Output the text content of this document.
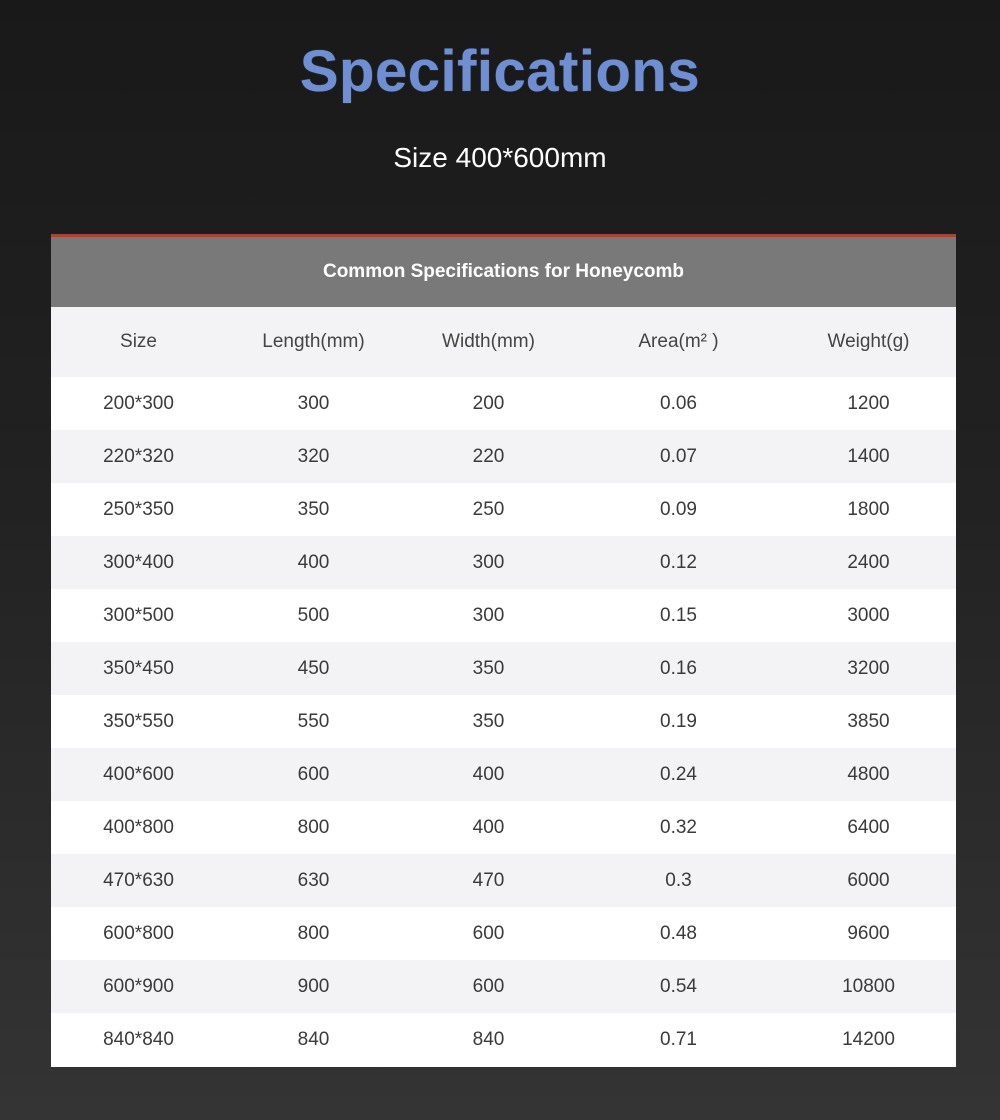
Specifications
Size 400*600mm
Common Specifications for Honeycomb
Size	Length(mm)	Width(mm)	Area(m² )	Weight(g)
200*300	300	200	0.06	1200
220*320	320	220	0.07	1400
250*350	350	250	0.09	1800
300*400	400	300	0.12	2400
300*500	500	300	0.15	3000
350*450	450	350	0.16	3200
350*550	550	350	0.19	3850
400*600	600	400	0.24	4800
400*800	800	400	0.32	6400
470*630	630	470	0.3	6000
600*800	800	600	0.48	9600
600*900	900	600	0.54	10800
840*840	840	840	0.71	14200
